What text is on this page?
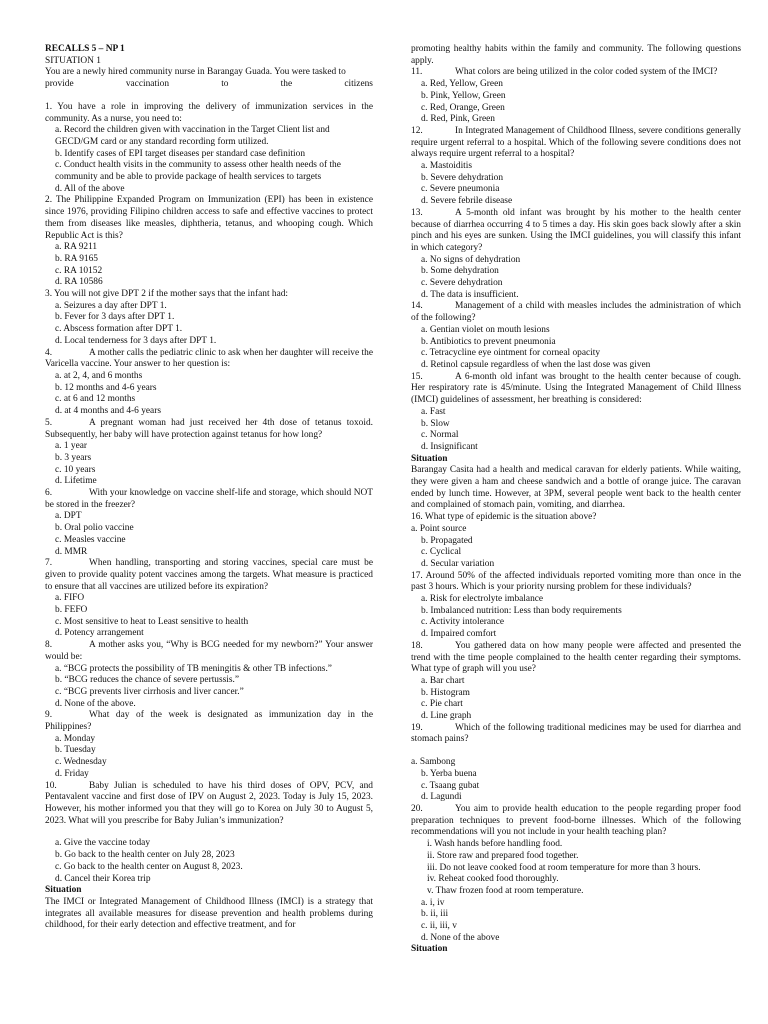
RECALLS 5 – NP 1
SITUATION 1
You are a newly hired community nurse in Barangay Guada. You were tasked to
provide	vaccination	to	the	citizens
1. You have a role in improving the delivery of immunization services in the community. As a nurse, you need to:
a. Record the children given with vaccination in the Target Client list and GECD/GM card or any standard recording form utilized.
b. Identify cases of EPI target diseases per standard case definition
c. Conduct health visits in the community to assess other health needs of the community and be able to provide package of health services to targets
d. All of the above
2. The Philippine Expanded Program on Immunization (EPI) has been in existence since 1976, providing Filipino children access to safe and effective vaccines to protect them from diseases like measles, diphtheria, tetanus, and whooping cough. Which Republic Act is this?
a. RA 9211
b. RA 9165
c. RA 10152
d. RA 10586
3. You will not give DPT 2 if the mother says that the infant had:
a. Seizures a day after DPT 1.
b. Fever for 3 days after DPT 1.
c. Abscess formation after DPT 1.
d. Local tenderness for 3 days after DPT 1.
4.	A mother calls the pediatric clinic to ask when her daughter will receive the Varicella vaccine. Your answer to her question is:
a. at 2, 4, and 6 months
b. 12 months and 4-6 years
c. at 6 and 12 months
d. at 4 months and 4-6 years
5.	A pregnant woman had just received her 4th dose of tetanus toxoid. Subsequently, her baby will have protection against tetanus for how long?
a. 1 year
b. 3 years
c. 10 years
d. Lifetime
6.	With your knowledge on vaccine shelf-life and storage, which should NOT be stored in the freezer?
a. DPT
b. Oral polio vaccine
c. Measles vaccine
d. MMR
7.	When handling, transporting and storing vaccines, special care must be given to provide quality potent vaccines among the targets. What measure is practiced to ensure that all vaccines are utilized before its expiration?
a. FIFO
b. FEFO
c. Most sensitive to heat to Least sensitive to health
d. Potency arrangement
8.	A mother asks you, “Why is BCG needed for my newborn?” Your answer would be:
a. “BCG protects the possibility of TB meningitis & other TB infections.”
b. “BCG reduces the chance of severe pertussis.”
c. “BCG prevents liver cirrhosis and liver cancer.”
d. None of the above.
9.	What day of the week is designated as immunization day in the Philippines?
a. Monday
b. Tuesday
c. Wednesday
d. Friday
10.	Baby Julian is scheduled to have his third doses of OPV, PCV, and Pentavalent vaccine and first dose of IPV on August 2, 2023. Today is July 15, 2023. However, his mother informed you that they will go to Korea on July 30 to August 5, 2023. What will you prescribe for Baby Julian’s immunization?
a. Give the vaccine today
b. Go back to the health center on July 28, 2023
c. Go back to the health center on August 8, 2023.
d. Cancel their Korea trip
Situation
The IMCI or Integrated Management of Childhood Illness (IMCI) is a strategy that integrates all available measures for disease prevention and health problems during childhood, for their early detection and effective treatment, and for
promoting healthy habits within the family and community. The following questions apply.
11.	What colors are being utilized in the color coded system of the IMCI?
a. Red, Yellow, Green
b. Pink, Yellow, Green
c. Red, Orange, Green
d. Red, Pink, Green
12.	In Integrated Management of Childhood Illness, severe conditions generally require urgent referral to a hospital. Which of the following severe conditions does not always require urgent referral to a hospital?
a. Mastoiditis
b. Severe dehydration
c. Severe pneumonia
d. Severe febrile disease
13.	A 5-month old infant was brought by his mother to the health center because of diarrhea occurring 4 to 5 times a day. His skin goes back slowly after a skin pinch and his eyes are sunken. Using the IMCI guidelines, you will classify this infant in which category?
a. No signs of dehydration
b. Some dehydration
c. Severe dehydration
d. The data is insufficient.
14.	Management of a child with measles includes the administration of which of the following?
a. Gentian violet on mouth lesions
b. Antibiotics to prevent pneumonia
c. Tetracycline eye ointment for corneal opacity
d. Retinol capsule regardless of when the last dose was given
15.	A 6-month old infant was brought to the health center because of cough. Her respiratory rate is 45/minute. Using the Integrated Management of Child Illness (IMCI) guidelines of assessment, her breathing is considered:
a. Fast
b. Slow
c. Normal
d. Insignificant
Situation
Barangay Casita had a health and medical caravan for elderly patients. While waiting, they were given a ham and cheese sandwich and a bottle of orange juice. The caravan ended by lunch time. However, at 3PM, several people went back to the health center and complained of stomach pain, vomiting, and diarrhea.
16. What type of epidemic is the situation above?
a. Point source
b. Propagated
c. Cyclical
d. Secular variation
17. Around 50% of the affected individuals reported vomiting more than once in the past 3 hours. Which is your priority nursing problem for these individuals?
a. Risk for electrolyte imbalance
b. Imbalanced nutrition: Less than body requirements
c. Activity intolerance
d. Impaired comfort
18.	You gathered data on how many people were affected and presented the trend with the time people complained to the health center regarding their symptoms. What type of graph will you use?
a. Bar chart
b. Histogram
c. Pie chart
d. Line graph
19.	Which of the following traditional medicines may be used for diarrhea and stomach pains?
a. Sambong
b. Yerba buena
c. Tsaang gubat
d. Lagundi
20.	You aim to provide health education to the people regarding proper food preparation techniques to prevent food-borne illnesses. Which of the following recommendations will you not include in your health teaching plan?
i. Wash hands before handling food.
ii. Store raw and prepared food together.
iii. Do not leave cooked food at room temperature for more than 3 hours.
iv. Reheat cooked food thoroughly.
v. Thaw frozen food at room temperature.
a. i, iv
b. ii, iii
c. ii, iii, v
d. None of the above
Situation
